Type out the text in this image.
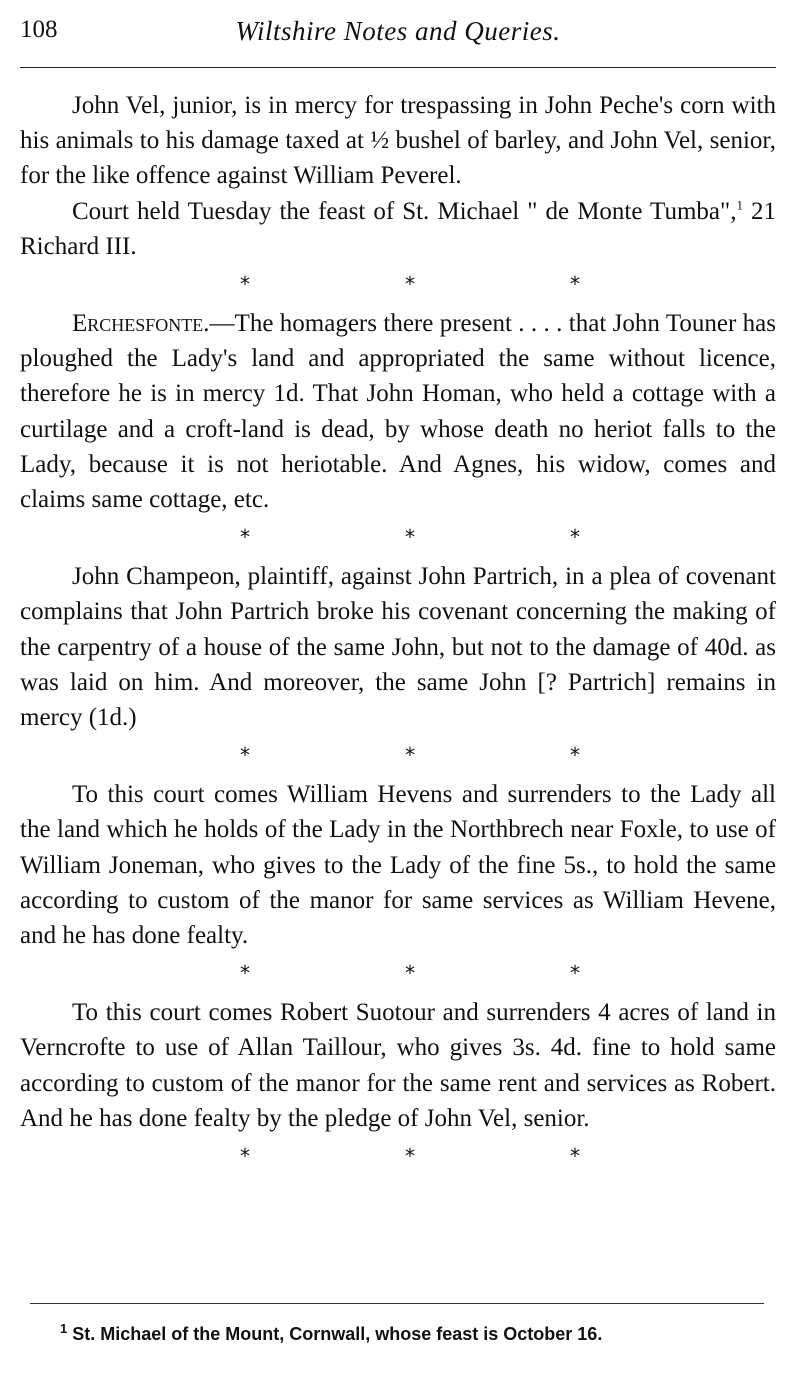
108	Wiltshire Notes and Queries.

John Vel, junior, is in mercy for trespassing in John Peche's corn with his animals to his damage taxed at ½ bushel of barley, and John Vel, senior, for the like offence against William Peverel.

Court held Tuesday the feast of St. Michael " de Monte Tumba",$^1$ 21 Richard III.

*	*	*

Erchesfonte.—The homagers there present . . . . that John Touner has ploughed the Lady's land and appropriated the same without licence, therefore he is in mercy 1d. That John Homan, who held a cottage with a curtilage and a croft-land is dead, by whose death no heriot falls to the Lady, because it is not heriotable. And Agnes, his widow, comes and claims same cottage, etc.

*	*	*

John Champeon, plaintiff, against John Partrich, in a plea of covenant complains that John Partrich broke his covenant concerning the making of the carpentry of a house of the same John, but not to the damage of 40d. as was laid on him. And moreover, the same John [? Partrich] remains in mercy (1d.)

*	*	*

To this court comes William Hevens and surrenders to the Lady all the land which he holds of the Lady in the Northbrech near Foxle, to use of William Joneman, who gives to the Lady of the fine 5s., to hold the same according to custom of the manor for same services as William Hevene, and he has done fealty.

*	*	*

To this court comes Robert Suotour and surrenders 4 acres of land in Verncrofte to use of Allan Taillour, who gives 3s. 4d. fine to hold same according to custom of the manor for the same rent and services as Robert. And he has done fealty by the pledge of John Vel, senior.

*	*	*
$^1$ St. Michael of the Mount, Cornwall, whose feast is October 16.
